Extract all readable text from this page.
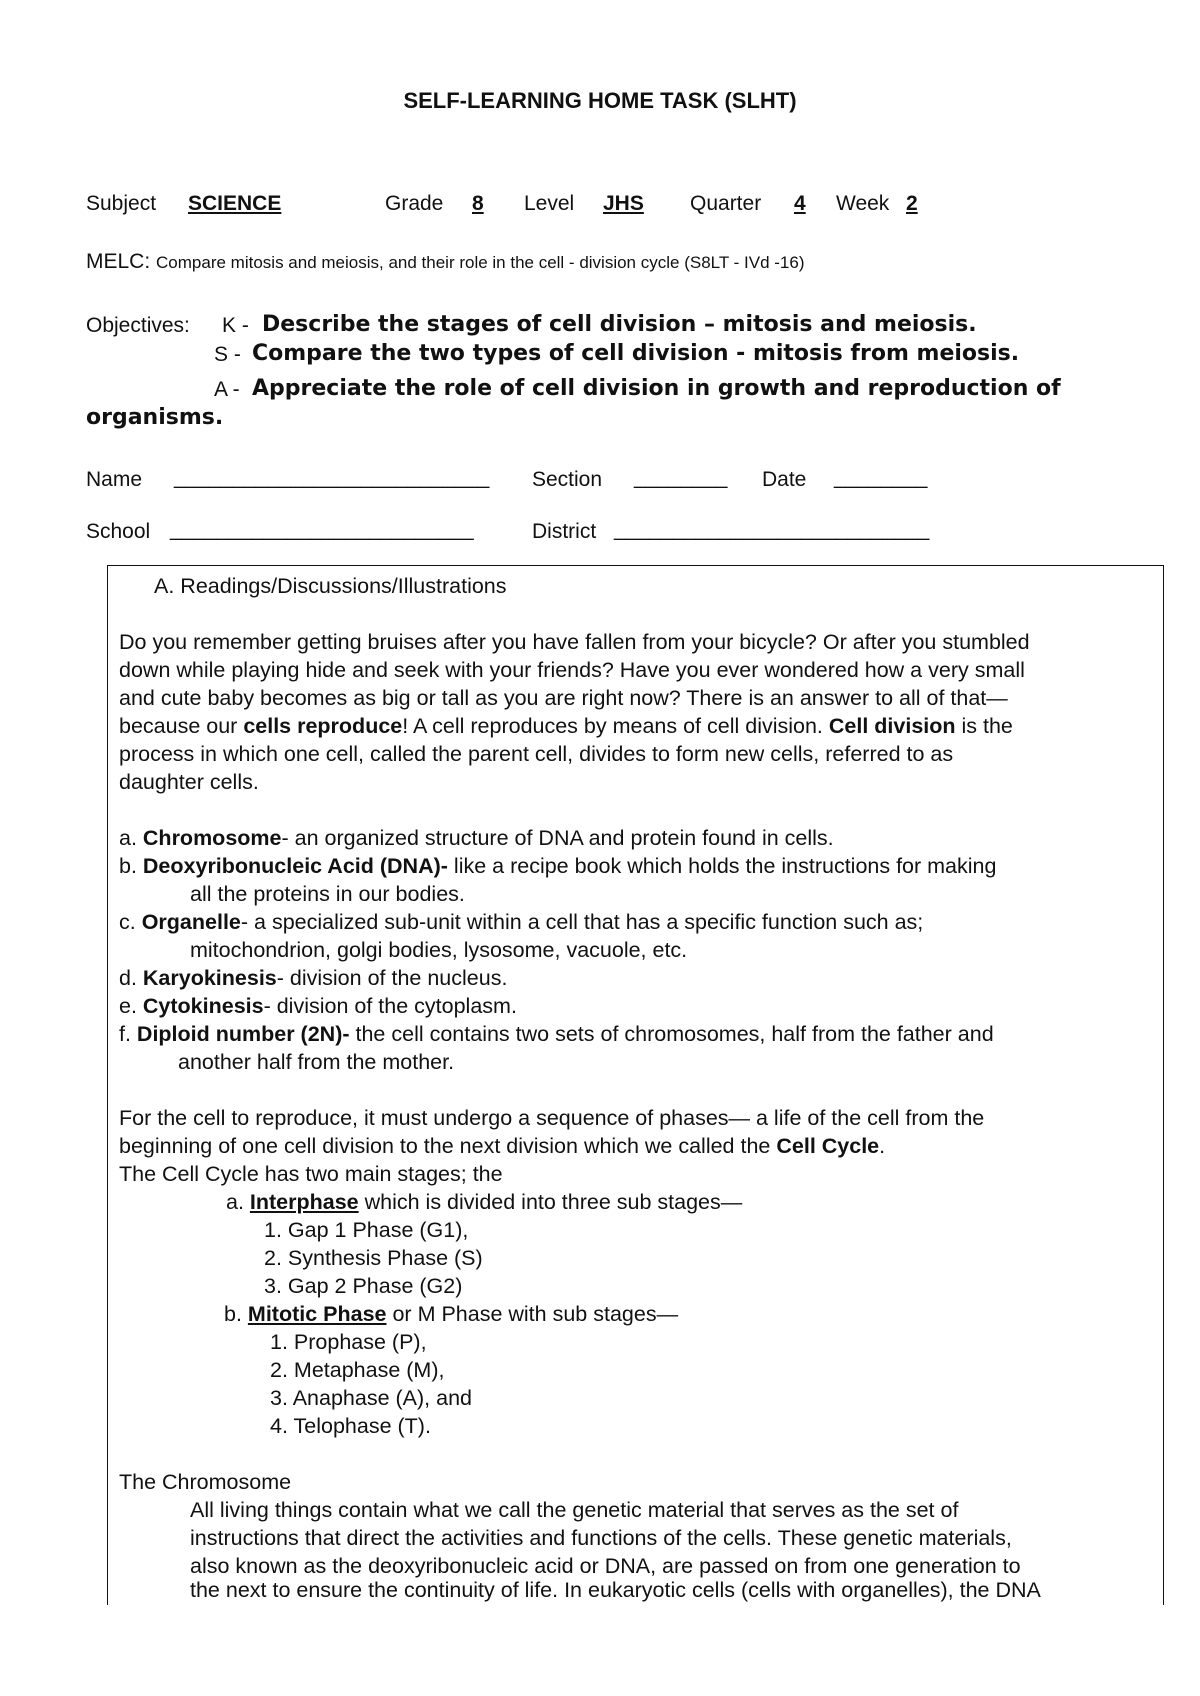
SELF-LEARNING HOME TASK (SLHT)
Subject SCIENCE	Grade 8 Level JHS Quarter 4 Week 2
MELC: Compare mitosis and meiosis, and their role in the cell - division cycle (S8LT - IVd -16)
Objectives: K - Describe the stages of cell division – mitosis and meiosis.
S - Compare the two types of cell division - mitosis from meiosis.
A - Appreciate the role of cell division in growth and reproduction of
organisms.
Name ___________________________ Section ________ Date ________
School __________________________	District ___________________________
A. Readings/Discussions/Illustrations
Do you remember getting bruises after you have fallen from your bicycle? Or after you stumbled
down while playing hide and seek with your friends? Have you ever wondered how a very small
and cute baby becomes as big or tall as you are right now? There is an answer to all of that—
because our cells reproduce! A cell reproduces by means of cell division. Cell division is the
process in which one cell, called the parent cell, divides to form new cells, referred to as
daughter cells.
a. Chromosome- an organized structure of DNA and protein found in cells.
b. Deoxyribonucleic Acid (DNA)- like a recipe book which holds the instructions for making
all the proteins in our bodies.
c. Organelle- a specialized sub-unit within a cell that has a specific function such as;
mitochondrion, golgi bodies, lysosome, vacuole, etc.
d. Karyokinesis- division of the nucleus.
e. Cytokinesis- division of the cytoplasm.
f. Diploid number (2N)- the cell contains two sets of chromosomes, half from the father and
another half from the mother.
For the cell to reproduce, it must undergo a sequence of phases— a life of the cell from the
beginning of one cell division to the next division which we called the Cell Cycle.
The Cell Cycle has two main stages; the
a. Interphase which is divided into three sub stages—
1. Gap 1 Phase (G1),
2. Synthesis Phase (S)
3. Gap 2 Phase (G2)
b. Mitotic Phase or M Phase with sub stages—
1. Prophase (P),
2. Metaphase (M),
3. Anaphase (A), and
4. Telophase (T).
The Chromosome
All living things contain what we call the genetic material that serves as the set of
instructions that direct the activities and functions of the cells. These genetic materials,
also known as the deoxyribonucleic acid or DNA, are passed on from one generation to
the next to ensure the continuity of life. In eukaryotic cells (cells with organelles), the DNA
